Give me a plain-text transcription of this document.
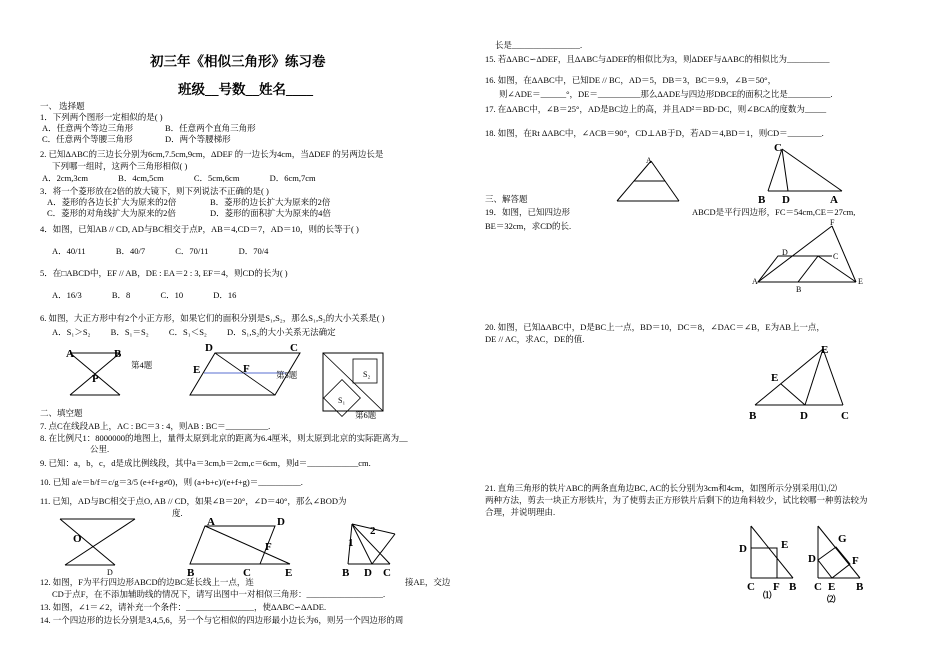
初三年《相似三角形》练习卷
班级__号数__姓名____
一、 选择题
1．下列两个图形一定相似的是( )
A．任意两个等边三角形	B．任意两个直角三角形
C．任意两个等腰三角形	D．两个等腰梯形
2. 已知ΔABC的三边长分别为6cm,7.5cm,9cm，ΔDEF 的一边长为4cm，当ΔDEF 的另两边长是
下列哪一组时，这两个三角形相似( )
A．2cm,3cm	B．4cm,5cm	C．5cm,6cm	D．6cm,7cm
3．将一个菱形放在2倍的放大镜下，则下列说法不正确的是( )
A．菱形的各边长扩大为原来的2倍	B．菱形的边长扩大为原来的2倍
C．菱形的对角线扩大为原来的2倍	D．菱形的面积扩大为原来的4倍
4．如图，已知AB // CD, AD与BC相交于点P，AB＝4,CD＝7，AD＝10，则的长等于( )
A．40/11	B．40/7	C．70/11	D．70/4
5．在□ABCD中，EF // AB，DE : EA＝2 : 3, EF＝4，则CD的长为( )
A．16/3	B．8	C．10	D．16
6. 如图，大正方形中有2个小正方形，如果它们的面积分别是S₁,S₂，那么S₁,S₂的大小关系是( )
A．S₁＞S₂ B．S₁＝S₂ C．S₁＜S₂ D．S₁,S₂的大小关系无法确定
A	B
P
第4题
D	C
E	F	第5题	S₂
S₁
第6题
二、填空题
7. 点C在线段AB上，AC : BC＝3 : 4，则AB : BC＝__________.
8. 在比例尺1：8000000的地图上，量得太原到北京的距离为6.4厘米，则太原到北京的实际距离为__
公里.
9. 已知：a，b，c，d是成比例线段，其中a＝3cm,b＝2cm,c＝6cm，则d＝____________cm.
10. 已知 a/e＝b/f＝c/g＝3/5 (e+f+g≠0)，则 (a+b+c)/(e+f+g)＝__________.
11. 已知，AD与BC相交于点O, AB // CD，如果∠B＝20°，∠D＝40°，那么∠BOD为
度.
O
D
A	D
F
B	C	E
1
2
B D C
12. 如图，F为平行四边形ABCD的边BC延长线上一点，连	接AE，交边
CD于点F，在不添加辅助线的情况下，请写出图中一对相似三角形：__________________.
13. 如图，∠1＝∠2，请补充一个条件：________________，使ΔABC∽ΔADE.
14. 一个四边形的边长分别是3,4,5,6，另一个与它相似的四边形最小边长为6，则另一个四边形的周
长是________________.
15. 若ΔABC∽ΔDEF，且ΔABC与ΔDEF的相似比为3，则ΔDEF与ΔABC的相似比为__________
16. 如图，在ΔABC中，已知DE // BC，AD＝5，DB＝3，BC＝9.9，∠B＝50°，
则∠ADE＝______°，DE＝__________那么ΔADE与四边形DBCE的面积之比是__________.
17. 在ΔABC中，∠B＝25°，AD是BC边上的高，并且AD²＝BD·DC，则∠BCA的度数为_____
18. 如图，在Rt ΔABC中，∠ACB＝90°，CD⊥AB于D，若AD＝4,BD＝1，则CD＝________.
A
C
B D	A
三、解答题
19．如图，已知四边形	ABCD是平行四边形，FC＝54cm,CE＝27cm,
BE＝32cm，求CD的长.	F
D	C
A
B
E
20. 如图，已知ΔABC中，D是BC上一点，BD＝10，DC＝8，∠DAC＝∠B，E为AB上一点，
DE // AC，求AC，DE的值.
E
E
B	D	C
21. 直角三角形的铁片ABC的两条直角边BC, AC的长分别为3cm和4cm，如图所示分别采用⑴,⑵
两种方法，剪去一块正方形铁片，为了使剪去正方形铁片后剩下的边角料较少，试比较哪一种剪法较为
合理，并说明理由.
D	E
C F B
⑴
G
F
D
C E B
⑵
